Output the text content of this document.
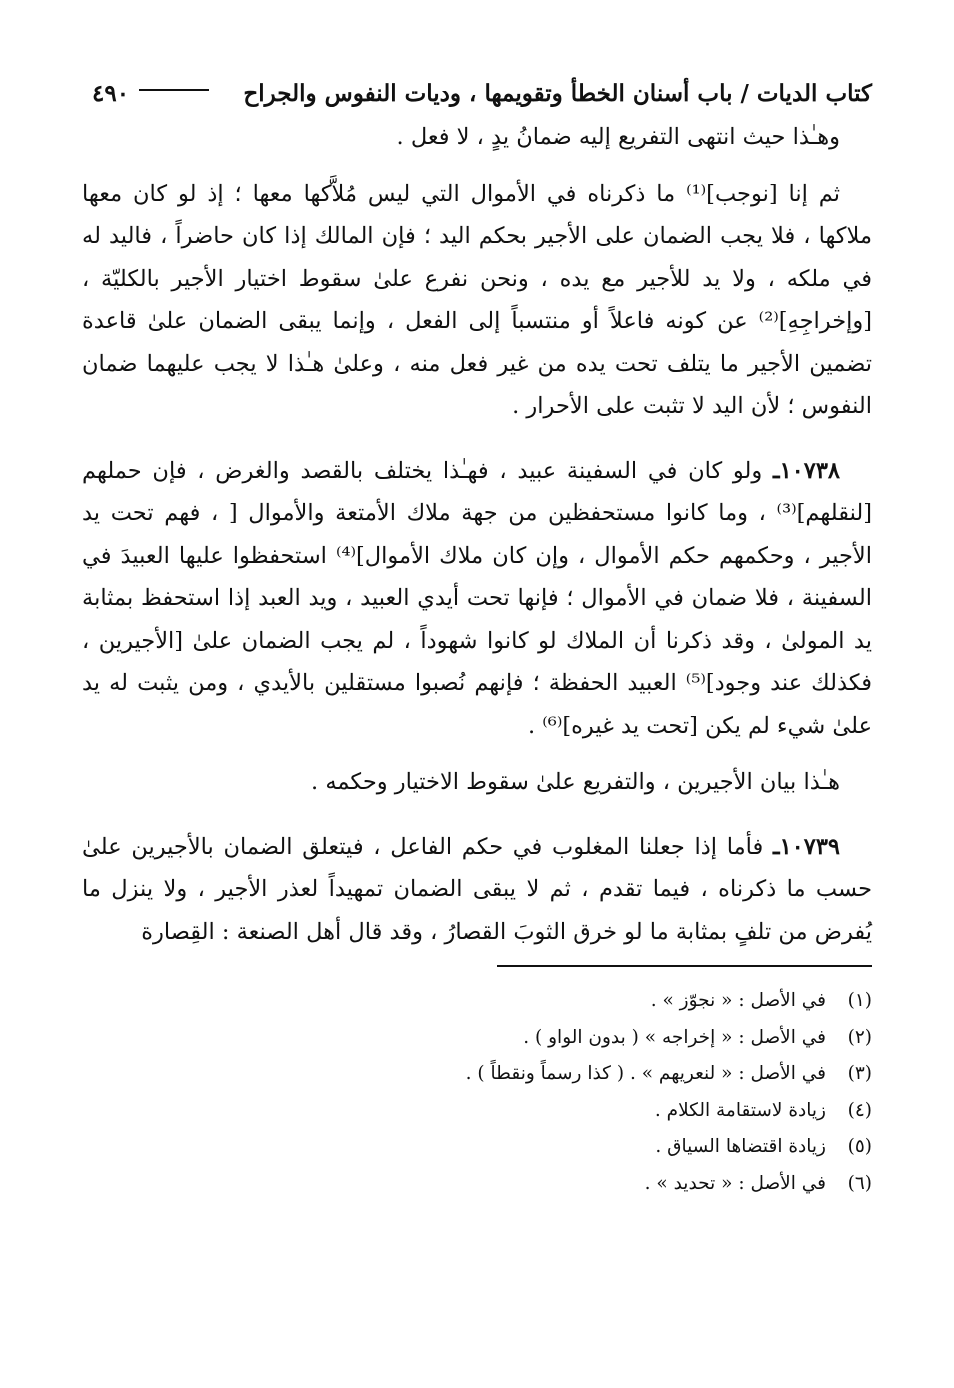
كتاب الديات / باب أسنان الخطأ وتقويمها ، وديات النفوس والجراح
٤٩٠

وهـٰذا حيث انتهى التفريع إليه ضمانُ يدٍ ، لا فعل .

ثم إنا [نوجب]⁽¹⁾ ما ذكرناه في الأموال التي ليس مُلاَّكها معها ؛ إذ لو كان معها ملاكها ، فلا يجب الضمان على الأجير بحكم اليد ؛ فإن المالك إذا كان حاضراً ، فاليد له في ملكه ، ولا يد للأجير مع يده ، ونحن نفرع علىٰ سقوط اختيار الأجير بالكليّة ، [وإخراجِهِ]⁽²⁾ عن كونه فاعلاً أو منتسباً إلى الفعل ، وإنما يبقى الضمان علىٰ قاعدة تضمين الأجير ما يتلف تحت يده من غير فعل منه ، وعلىٰ هـٰذا لا يجب عليهما ضمان النفوس ؛ لأن اليد لا تثبت على الأحرار .

١٠٧٣٨ـ ولو كان في السفينة عبيد ، فهـٰذا يختلف بالقصد والغرض ، فإن حملهم [لنقلهم]⁽³⁾ ، وما كانوا مستحفظين من جهة ملاك الأمتعة والأموال [ ، فهم تحت يد الأجير ، وحكمهم حكم الأموال ، وإن كان ملاك الأموال]⁽⁴⁾ استحفظوا عليها العبيدَ في السفينة ، فلا ضمان في الأموال ؛ فإنها تحت أيدي العبيد ، ويد العبد إذا استحفظ بمثابة يد المولىٰ ، وقد ذكرنا أن الملاك لو كانوا شهوداً ، لم يجب الضمان علىٰ [الأجيرين ، فكذلك عند وجود]⁽⁵⁾ العبيد الحفظة ؛ فإنهم نُصبوا مستقلين بالأيدي ، ومن يثبت له يد علىٰ شيء لم يكن [تحت يد غيره]⁽⁶⁾ .

هـٰذا بيان الأجيرين ، والتفريع علىٰ سقوط الاختيار وحكمه .

١٠٧٣٩ـ فأما إذا جعلنا المغلوب في حكم الفاعل ، فيتعلق الضمان بالأجيرين علىٰ حسب ما ذكرناه ، فيما تقدم ، ثم لا يبقى الضمان تمهيداً لعذر الأجير ، ولا ينزل ما يُفرض من تلفٍ بمثابة ما لو خرق الثوبَ القصارُ ، وقد قال أهل الصنعة : القِصارة

(١)
في الأصل : « نجوّز » .
(٢)
في الأصل : « إخراجه » ( بدون الواو ) .
(٣)
في الأصل : « لنعريهم » . ( كذا رسماً ونقطاً ) .
(٤)
زيادة لاستقامة الكلام .
(٥)
زيادة اقتضاها السياق .
(٦)
في الأصل : « تحديد » .
